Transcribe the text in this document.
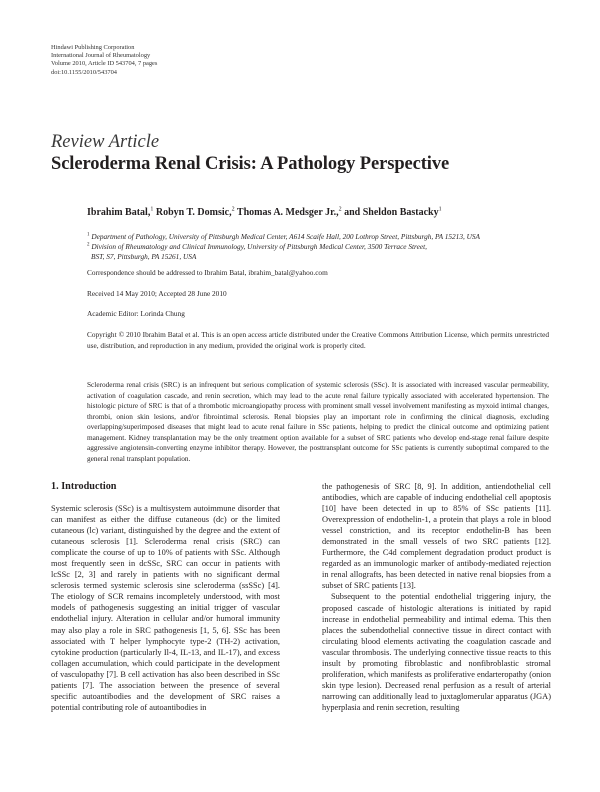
Hindawi Publishing Corporation
International Journal of Rheumatology
Volume 2010, Article ID 543704, 7 pages
doi:10.1155/2010/543704
Review Article
Scleroderma Renal Crisis: A Pathology Perspective
Ibrahim Batal,$^1$ Robyn T. Domsic,$^2$ Thomas A. Medsger Jr.,$^2$ and Sheldon Bastacky$^1$
$^1$ Department of Pathology, University of Pittsburgh Medical Center, A614 Scaife Hall, 200 Lothrop Street, Pittsburgh, PA 15213, USA
$^2$ Division of Rheumatology and Clinical Immunology, University of Pittsburgh Medical Center, 3500 Terrace Street,
BST, S7, Pittsburgh, PA 15261, USA
Correspondence should be addressed to Ibrahim Batal, ibrahim_batal@yahoo.com
Received 14 May 2010; Accepted 28 June 2010
Academic Editor: Lorinda Chung
Copyright © 2010 Ibrahim Batal et al. This is an open access article distributed under the Creative Commons Attribution License, which permits unrestricted use, distribution, and reproduction in any medium, provided the original work is properly cited.
Scleroderma renal crisis (SRC) is an infrequent but serious complication of systemic sclerosis (SSc). It is associated with increased vascular permeability, activation of coagulation cascade, and renin secretion, which may lead to the acute renal failure typically associated with accelerated hypertension. The histologic picture of SRC is that of a thrombotic microangiopathy process with prominent small vessel involvement manifesting as myxoid intimal changes, thrombi, onion skin lesions, and/or fibrointimal sclerosis. Renal biopsies play an important role in confirming the clinical diagnosis, excluding overlapping/superimposed diseases that might lead to acute renal failure in SSc patients, helping to predict the clinical outcome and optimizing patient management. Kidney transplantation may be the only treatment option available for a subset of SRC patients who develop end-stage renal failure despite aggressive angiotensin-converting enzyme inhibitor therapy. However, the posttransplant outcome for SSc patients is currently suboptimal compared to the general renal transplant population.
1. Introduction

Systemic sclerosis (SSc) is a multisystem autoimmune disorder that can manifest as either the diffuse cutaneous (dc) or the limited cutaneous (lc) variant, distinguished by the degree and the extent of cutaneous sclerosis [1]. Scleroderma renal crisis (SRC) can complicate the course of up to 10% of patients with SSc. Although most frequently seen in dcSSc, SRC can occur in patients with lcSSc [2, 3] and rarely in patients with no significant dermal sclerosis termed systemic sclerosis sine scleroderma (ssSSc) [4]. The etiology of SCR remains incompletely understood, with most models of pathogenesis suggesting an initial trigger of vascular endothelial injury. Alteration in cellular and/or humoral immunity may also play a role in SRC pathogenesis [1, 5, 6]. SSc has been associated with T helper lymphocyte type-2 (TH-2) activation, cytokine production (particularly Il-4, IL-13, and IL-17), and excess collagen accumulation, which could participate in the development of vasculopathy [7]. B cell activation has also been described in SSc patients [7]. The association between the presence of several specific autoantibodies and the development of SRC raises a potential contributing role of autoantibodies in

the pathogenesis of SRC [8, 9]. In addition, antiendothelial cell antibodies, which are capable of inducing endothelial cell apoptosis [10] have been detected in up to 85% of SSc patients [11]. Overexpression of endothelin-1, a protein that plays a role in blood vessel constriction, and its receptor endothelin-B has been demonstrated in the small vessels of two SRC patients [12]. Furthermore, the C4d complement degradation product product is regarded as an immunologic marker of antibody-mediated rejection in renal allografts, has been detected in native renal biopsies from a subset of SRC patients [13].

Subsequent to the potential endothelial triggering injury, the proposed cascade of histologic alterations is initiated by rapid increase in endothelial permeability and intimal edema. This then places the subendothelial connective tissue in direct contact with circulating blood elements activating the coagulation cascade and vascular thrombosis. The underlying connective tissue reacts to this insult by promoting fibroblastic and nonfibroblastic stromal proliferation, which manifests as proliferative endarteropathy (onion skin type lesion). Decreased renal perfusion as a result of arterial narrowing can additionally lead to juxtaglomerular apparatus (JGA) hyperplasia and renin secretion, resulting
